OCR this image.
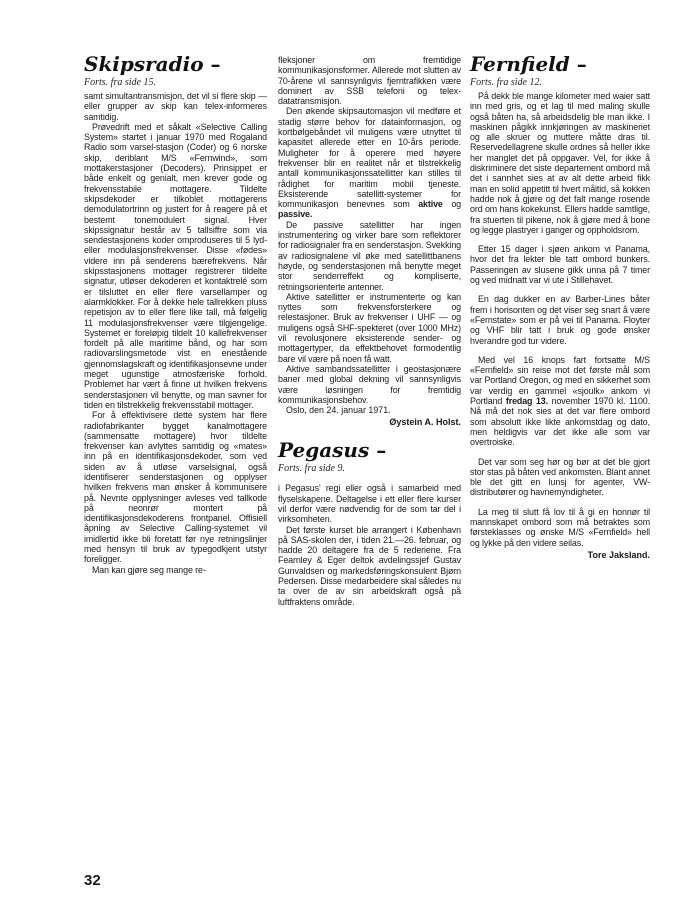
Skipsradio –

Forts. fra side 15.

samt simultantransmisjon, det vil si flere skip — eller grupper av skip kan telex-informeres samtidig.

Prøvedrift med et såkalt «Selective Calling System» startet i januar 1970 med Rogaland Radio som varsel-stasjon (Coder) og 6 norske skip, deriblant M/S «Fernwind», som mottakerstasjoner (Decoders). Prinsippet er både enkelt og genialt, men krever gode og frekvensstabile mottagere. Tildelte skipsdekoder er tilkoblet mottagerens demodulatortrinn og justert for å reagere på et bestemt tonemodulert signal. Hver skipssignatur består av 5 tallsiffre som via sendestasjonens koder omproduseres til 5 lyd- eller modulasjonsfrekvenser. Disse «fødes» videre inn på senderens bærefrekvens. Når skipsstasjonens mottager registrerer tildelte signatur, utløser dekoderen et kontaktrelé som er tilsluttet en eller flere varsellamper og alarmklokker. For å dekke hele tallrekken pluss repetisjon av to eller flere like tall, må følgelig 11 modulasjonsfrekvenser være tilgjengelige. Systemet er foreløpig tildelt 10 kallefrekvenser fordelt på alle maritime bånd, og har som radiovarslingsmetode vist en enestående gjennomslagskraft og identifikasjonsevne under meget ugunstige atmosfæriske forhold. Problemet har vært å finne ut hvilken frekvens senderstasjonen vil benytte, og man savner for tiden en tilstrekkelig frekvensstabil mottager.

For å effektivisere dette system har flere radiofabrikanter bygget kanalmottagere (sammensatte mottagere) hvor tildelte frekvenser kan avlyttes samtidig og «mates» inn på en identifikasjonsdekoder, som ved siden av å utløse varselsignal, også identifiserer senderstasjonen og opplyser hvilken frekvens man ønsker å kommunisere på. Nevnte opplysninger avleses ved tallkode på neonrør montert på identifikasjonsdekoderens frontpanel. Offisiell åpning av Selective Calling-systemet vil imidlertid ikke bli foretatt før nye retningslinjer med hensyn til bruk av typegodkjent utstyr foreligger.

Man kan gjøre seg mange re-

fleksjoner om fremtidige kommunikasjonsformer. Allerede mot slutten av 70-årene vil sannsynligvis fjerntrafikken være dominert av SSB telefoni og telex-datatransmisjon.

Den økende skipsautomasjon vil medføre et stadig større behov for datainformasjon, og kortbølgebåndet vil muligens være utnyttet til kapasitet allerede etter en 10-års periode. Muligheter for å operere med høyere frekvenser blir en realitet når et tilstrekkelig antall kommunikasjonssatellitter kan stilles til rådighet for maritim mobil tjeneste. Eksisterende satellitt-systemer for kommunikasjon benevnes som aktive og passive.

De passive satellitter har ingen instrumentering og virker bare som reflektorer for radiosignaler fra en senderstasjon. Svekking av radiosignalene vil øke med satellittbanens høyde, og senderstasjonen må benytte meget stor senderreffekt og kompliserte, retningsorienterte antenner.

Aktive satellitter er instrumenterte og kan nyttes som frekvensforsterkere og relestasjoner. Bruk av frekvenser i UHF — og muligens også SHF-spekteret (over 1000 MHz) vil revolusjonere eksisterende sender- og mottagertyper, da effektbehovet formodentlig bare vil være på noen få watt.

Aktive sambandssatellitter i geostasjonære baner med global dekning vil sannsynligvis være løsningen for fremtidig kommunikasjonsbehov.

Oslo, den 24. januar 1971.

Øystein A. Holst.

Pegasus –

Forts. fra side 9.

i Pegasus' regi eller også i samarbeid med flyselskapene. Deltagelse i ett eller flere kurser vil derfor være nødvendig for de som tar del i virksomheten.

Det første kurset ble arrangert i København på SAS-skolen der, i tiden 21.—26. februar, og hadde 20 deltagere fra de 5 rederiene. Fra Fearnley & Eger deltok avdelingssjef Gustav Gunvaldsen og markedsføringskonsulent Bjørn Pedersen. Disse medarbeidere skal således nu ta over de av sin arbeidskraft også på luftfraktens område.

Fernfield –

Forts. fra side 12.

På dekk ble mange kilometer med waier satt inn med gris, og et lag til med maling skulle også båten ha, så arbeidsdelig ble man ikke. I maskinen pågikk innkjøringen av maskineriet og alle skruer og muttere måtte dras til. Reservedellagrene skulle ordnes så heller ikke her manglet det på oppgaver. Vel, for ikke å diskriminere det siste departement ombord må det i sannhet sies at av alt dette arbeid fikk man en solid appetitt til hvert måltid, så kokken hadde nok å gjøre og det falt mange rosende ord om hans kokekunst. Ellers hadde samtlige, fra stuerten til pikene, nok å gjøre med å bone og legge plastryer i ganger og oppholdsrom.

Etter 15 dager i sjøen ankom vi Panama, hvor det fra lekter ble tatt ombord bunkers. Passeringen av slusene gikk unna på 7 timer og ved midnatt var vi ute i Stillehavet.

En dag dukker en av Barber-Lines båter frem i horisonten og det viser seg snart å være «Fernstate» som er på vei til Panama. Floyter og VHF blir tatt i bruk og gode ønsker hverandre god tur videre.

Med vel 16 knops fart fortsatte M/S «Fernfield» sin reise mot det første mål som var Portland Oregon, og med en sikkerhet som var verdig en gammel «sjoulk» ankom vi Portland fredag 13. november 1970 kl. 1100. Nå må det nok sies at det var flere ombord som absolutt ikke likte ankomstdag og dato, men heldigvis var det ikke alle som var overtroiske.

Det var som seg hør og bør at det ble gjort stor stas på båten ved ankomsten. Blant annet ble det gitt en lunsj for agenter, VW-distributører og havnemyndigheter.

La meg til slutt få lov til å gi en honnør til mannskapet ombord som må betraktes som førsteklasses og ønske M/S «Fernfield» hell og lykke på den videre seilas.

Tore Jaksland.

32
